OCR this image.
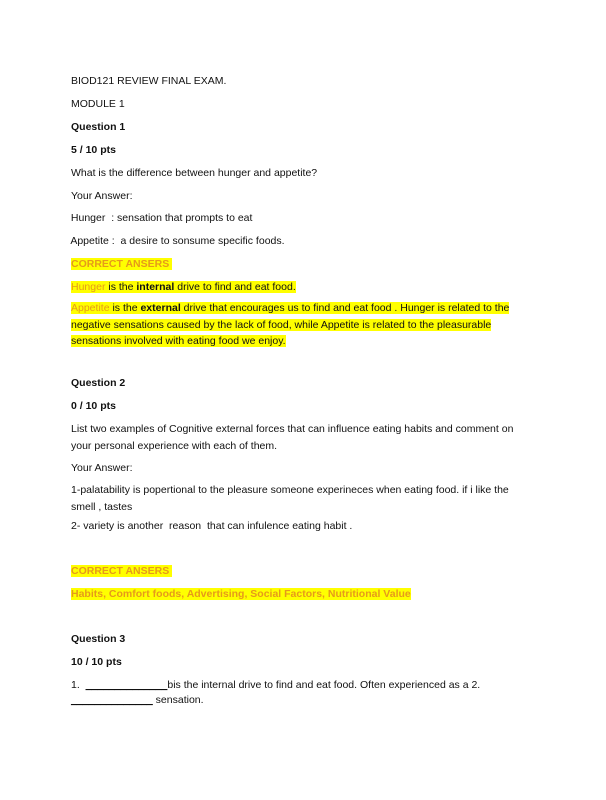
BIOD121 REVIEW FINAL EXAM.
MODULE 1
Question 1
5 / 10 pts
What is the difference between hunger and appetite?
Your Answer:
Hunger  : sensation that prompts to eat
Appetite :  a desire to sonsume specific foods.
CORRECT ANSERS
Hunger is the internal drive to find and eat food.
Appetite is the external drive that encourages us to find and eat food . Hunger is related to the negative sensations caused by the lack of food, while Appetite is related to the pleasurable sensations involved with eating food we enjoy.
Question 2
0 / 10 pts
List two examples of Cognitive external forces that can influence eating habits and comment on your personal experience with each of them.
Your Answer:
1-palatability is popertional to the pleasure someone experineces when eating food. if i like the smell , tastes
2- variety is another  reason  that can infulence eating habit .
CORRECT ANSERS
Habits, Comfort foods, Advertising, Social Factors, Nutritional Value
Question 3
10 / 10 pts
1.  ______________bis the internal drive to find and eat food. Often experienced as a 2.
______________ sensation.
